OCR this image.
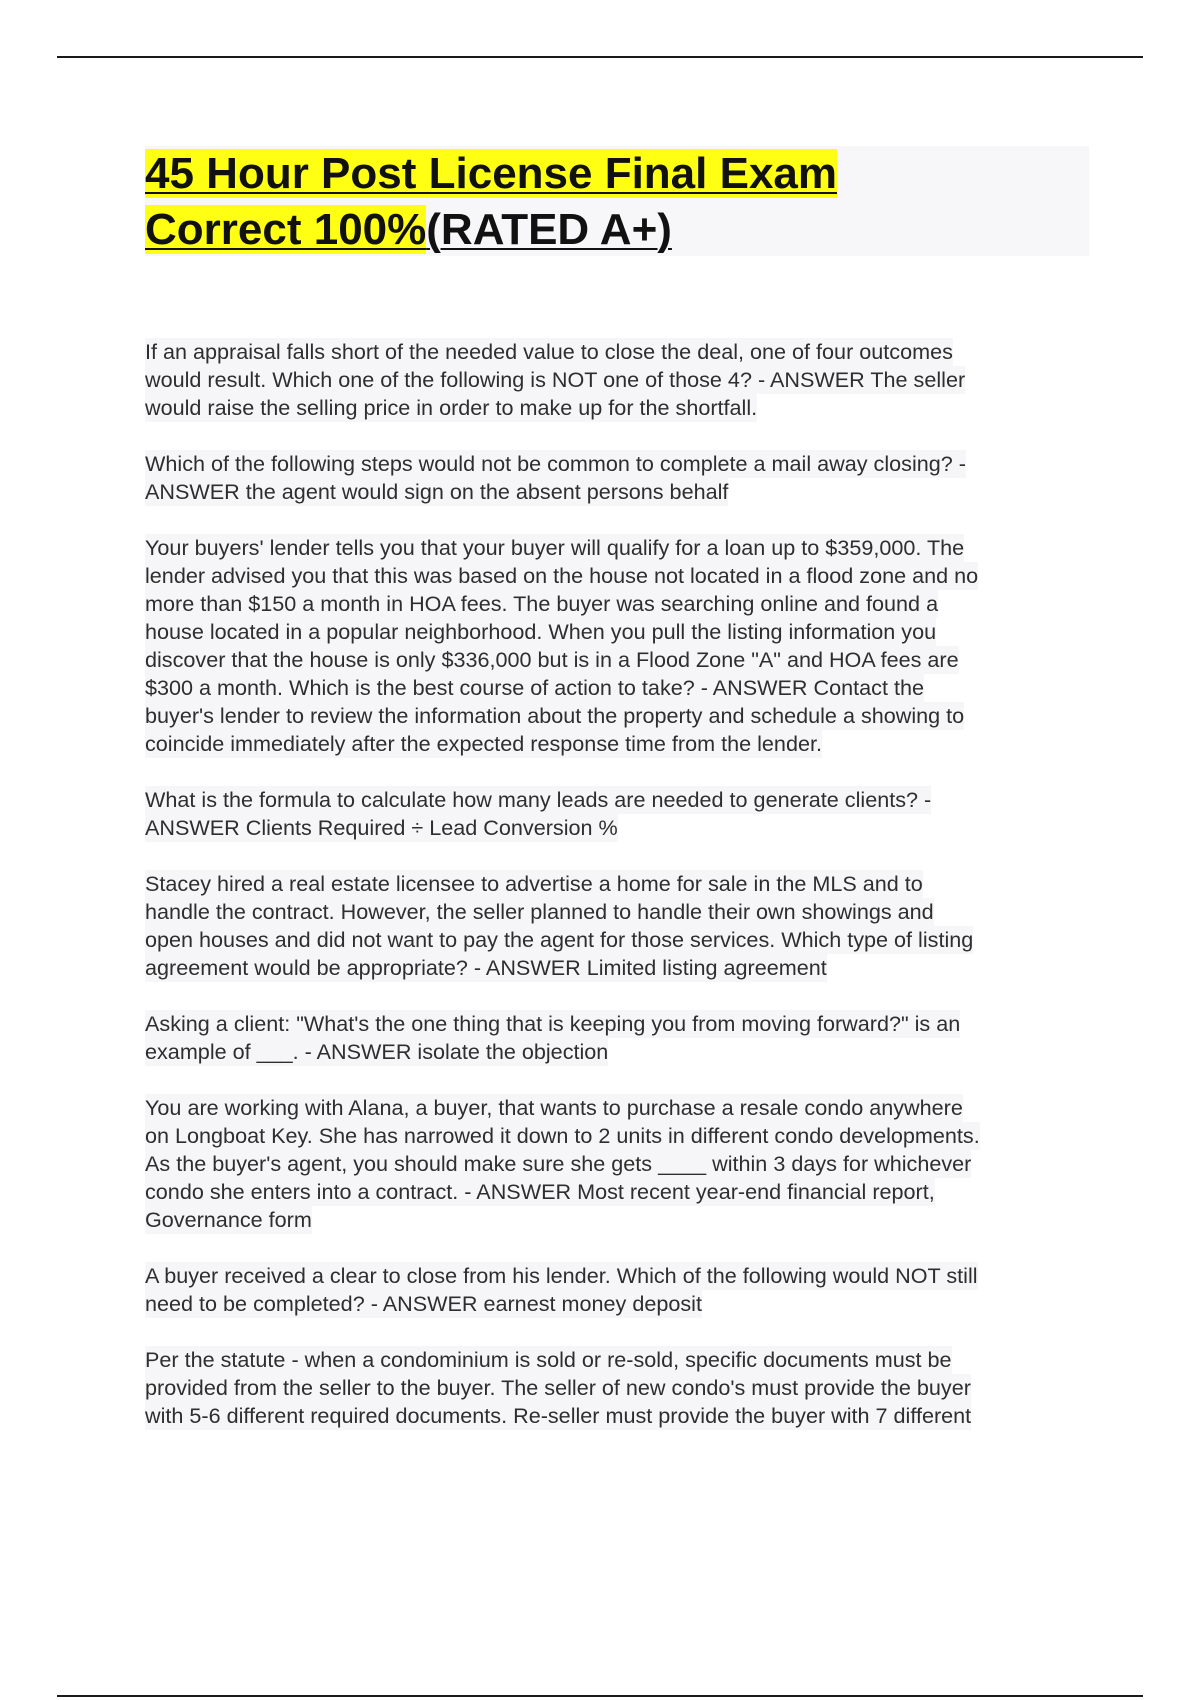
45 Hour Post License Final Exam
Correct 100%(RATED A+)

If an appraisal falls short of the needed value to close the deal, one of four outcomes
would result. Which one of the following is NOT one of those 4? - ANSWER The seller
would raise the selling price in order to make up for the shortfall.

Which of the following steps would not be common to complete a mail away closing? -
ANSWER the agent would sign on the absent persons behalf

Your buyers' lender tells you that your buyer will qualify for a loan up to $359,000. The
lender advised you that this was based on the house not located in a flood zone and no
more than $150 a month in HOA fees. The buyer was searching online and found a
house located in a popular neighborhood. When you pull the listing information you
discover that the house is only $336,000 but is in a Flood Zone "A" and HOA fees are
$300 a month. Which is the best course of action to take? - ANSWER Contact the
buyer's lender to review the information about the property and schedule a showing to
coincide immediately after the expected response time from the lender.

What is the formula to calculate how many leads are needed to generate clients? -
ANSWER Clients Required ÷ Lead Conversion %

Stacey hired a real estate licensee to advertise a home for sale in the MLS and to
handle the contract. However, the seller planned to handle their own showings and
open houses and did not want to pay the agent for those services. Which type of listing
agreement would be appropriate? - ANSWER Limited listing agreement

Asking a client: "What's the one thing that is keeping you from moving forward?" is an
example of ___. - ANSWER isolate the objection

You are working with Alana, a buyer, that wants to purchase a resale condo anywhere
on Longboat Key. She has narrowed it down to 2 units in different condo developments.
As the buyer's agent, you should make sure she gets ____ within 3 days for whichever
condo she enters into a contract. - ANSWER Most recent year-end financial report,
Governance form

A buyer received a clear to close from his lender. Which of the following would NOT still
need to be completed? - ANSWER earnest money deposit

Per the statute - when a condominium is sold or re-sold, specific documents must be
provided from the seller to the buyer. The seller of new condo's must provide the buyer
with 5-6 different required documents. Re-seller must provide the buyer with 7 different
